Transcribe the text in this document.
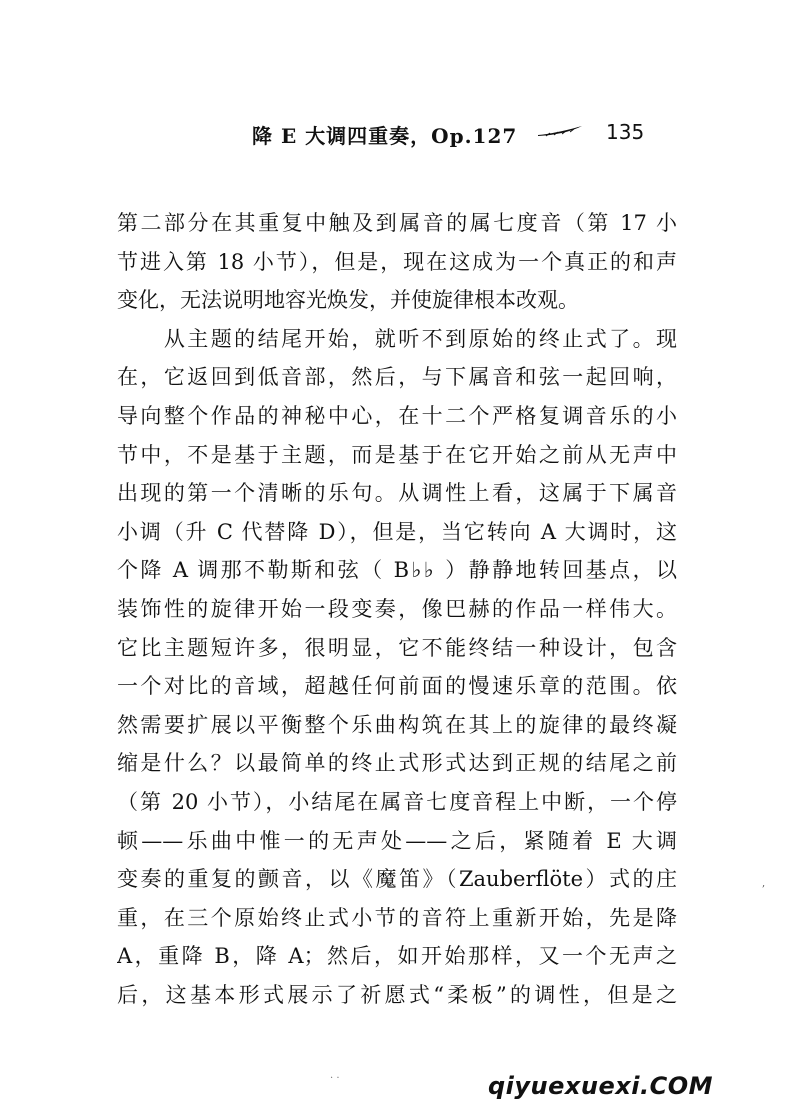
降 E 大调四重奏，Op.127	135
第二部分在其重复中触及到属音的属七度音（第 17 小
节进入第 18 小节），但是，现在这成为一个真正的和声
变化，无法说明地容光焕发，并使旋律根本改观。
　　从主题的结尾开始，就听不到原始的终止式了。现
在，它返回到低音部，然后，与下属音和弦一起回响，
导向整个作品的神秘中心，在十二个严格复调音乐的小
节中，不是基于主题，而是基于在它开始之前从无声中
出现的第一个清晰的乐句。从调性上看，这属于下属音
小调（升 C 代替降 D），但是，当它转向 A 大调时，这
个降 A 调那不勒斯和弦（ B♭♭ ）静静地转回基点，以
装饰性的旋律开始一段变奏，像巴赫的作品一样伟大。
它比主题短许多，很明显，它不能终结一种设计，包含
一个对比的音域，超越任何前面的慢速乐章的范围。依
然需要扩展以平衡整个乐曲构筑在其上的旋律的最终凝
缩是什么？以最简单的终止式形式达到正规的结尾之前
（第 20 小节），小结尾在属音七度音程上中断，一个停
顿——乐曲中惟一的无声处——之后，紧随着 E 大调
变奏的重复的颤音，以《魔笛》（Zauberflöte）式的庄
重，在三个原始终止式小节的音符上重新开始，先是降
A，重降 B，降 A；然后，如开始那样，又一个无声之
后，这基本形式展示了祈愿式“柔板”的调性，但是之
,
. .	qiyuexuexi.COM
